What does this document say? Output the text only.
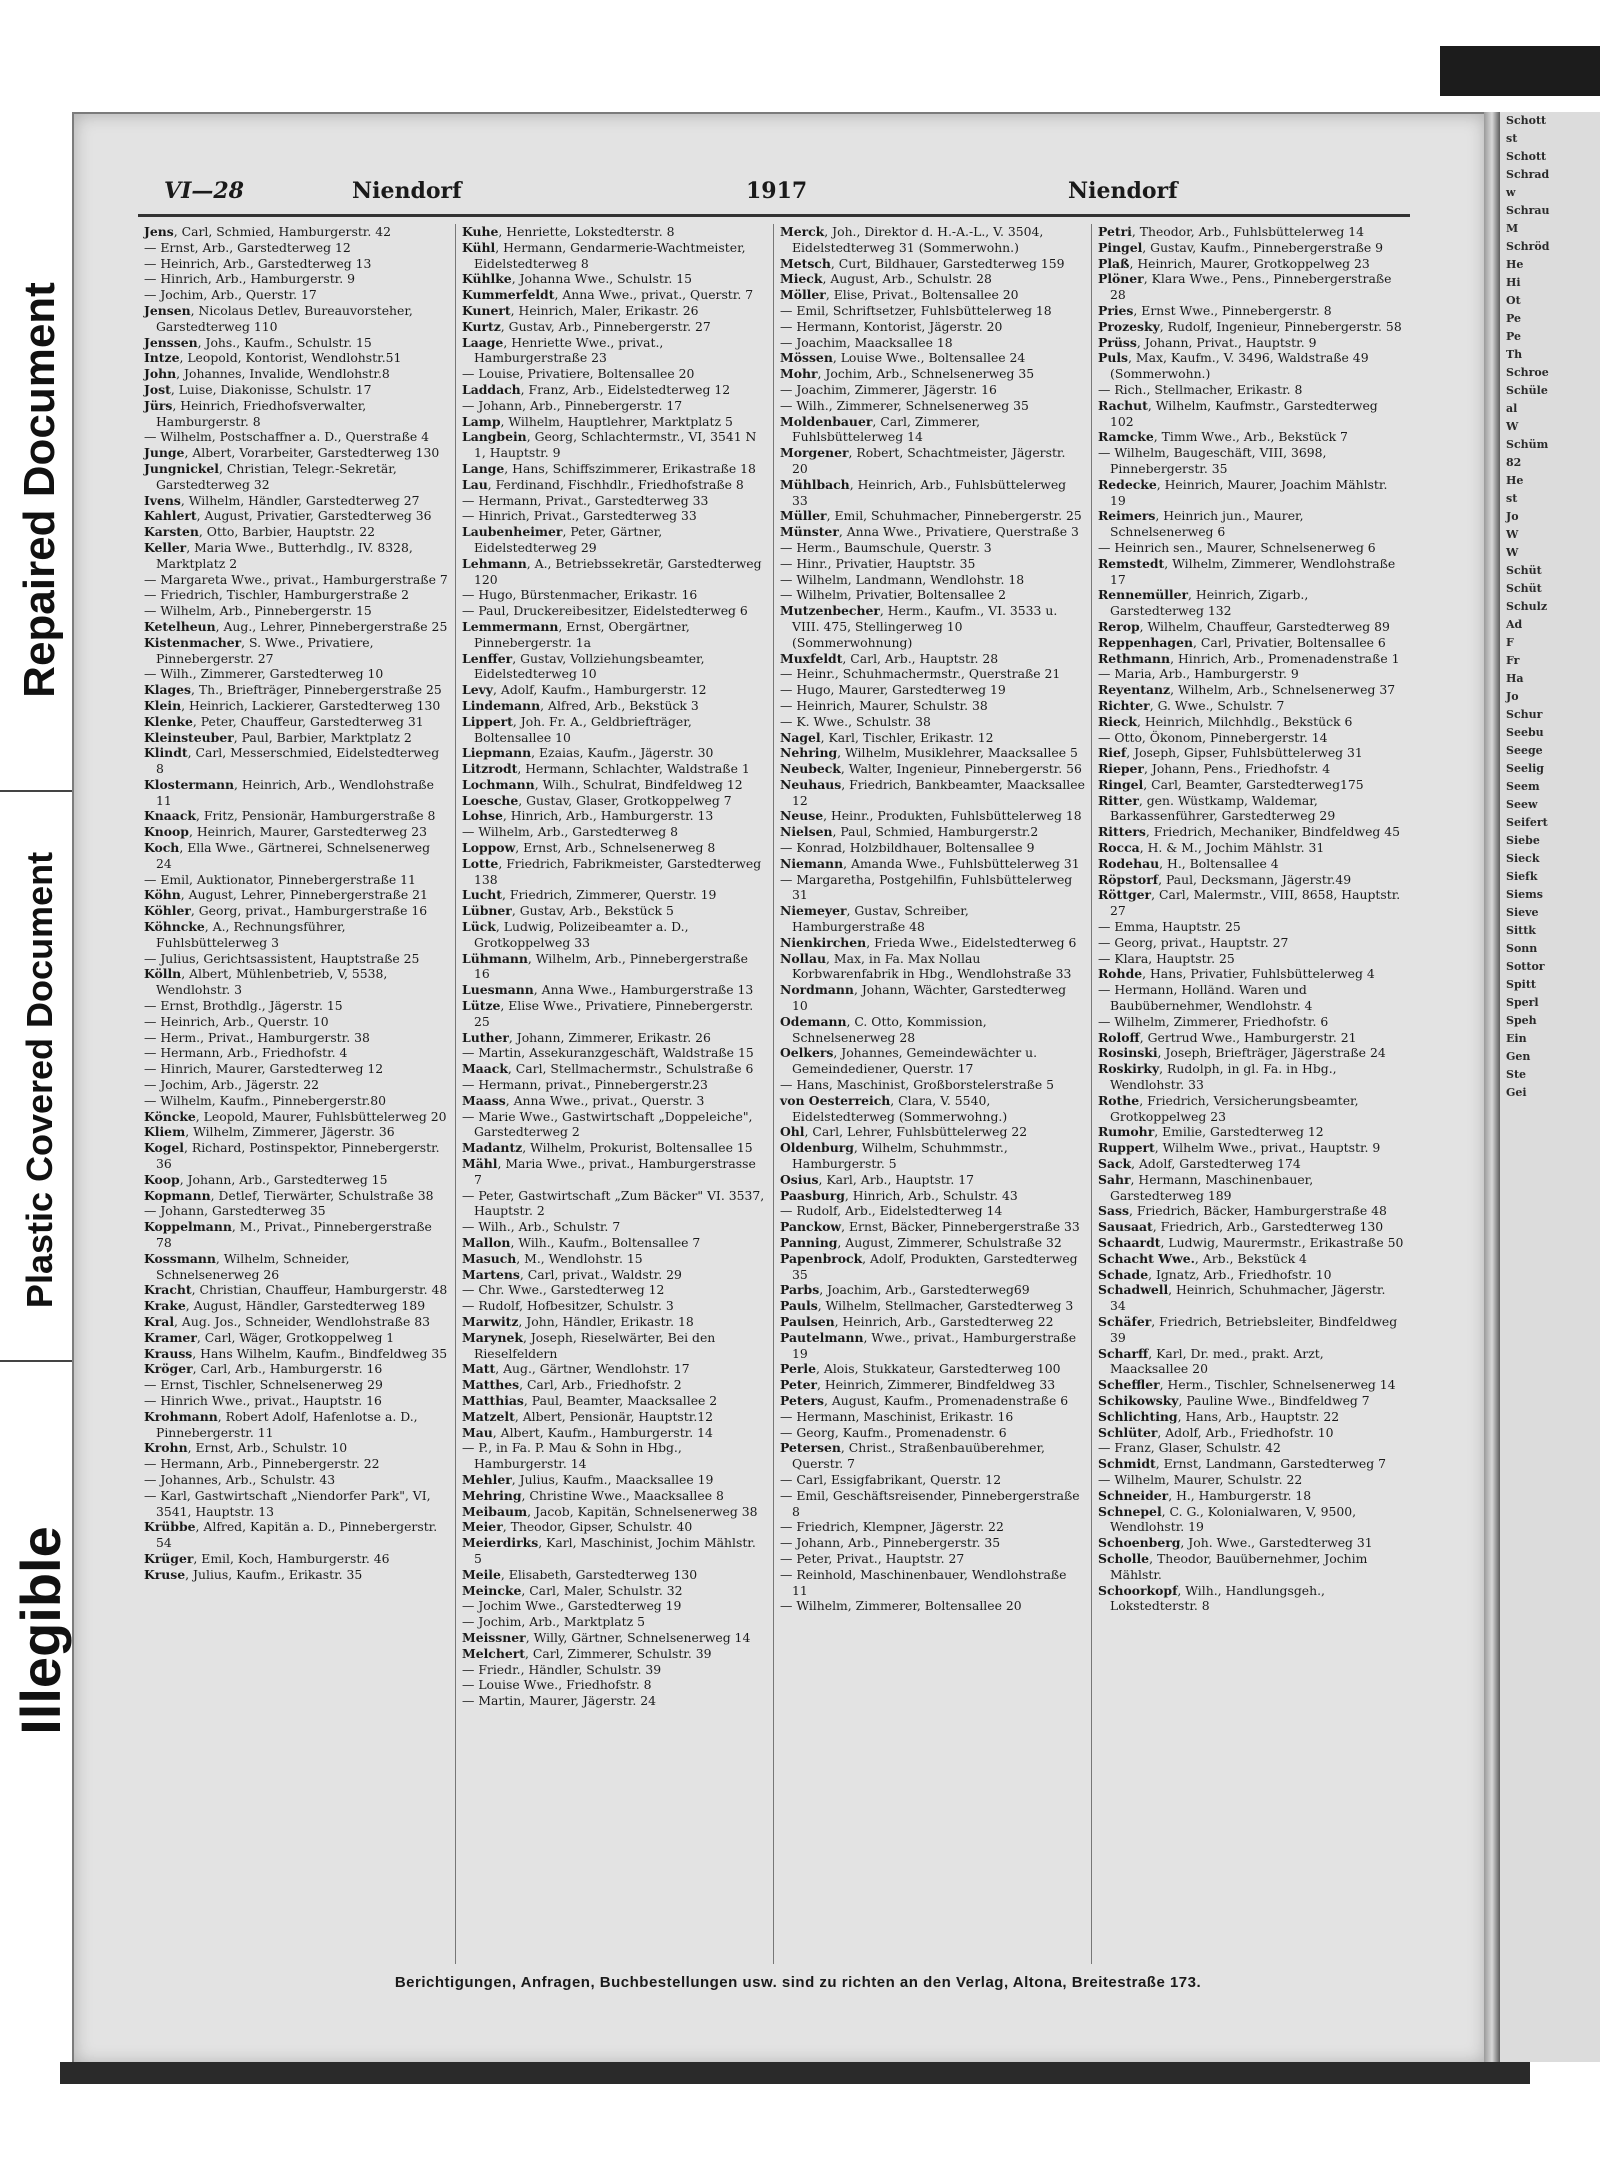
Repaired Document
Plastic Covered Document
Illegible
Schott
st
Schott
Schrad
w
Schrau
M
Schröd
He
Hi
Ot
Pe
Pe
Th
Schroe
Schüle
al
W
Schüm
82
He
st
Jo
W
W
Schüt
Schüt
Schulz
Ad
F
Fr
Ha
Jo
Schur
Seebu
Seege
Seelig
Seem
Seew
Seifert
Siebe
Sieck
Siefk
Siems
Sieve
Sittk
Sonn
Sottor
Spitt
Sperl
Speh
Ein
Gen
Ste
Gei
VI—28	Niendorf	1917	Niendorf
Jens, Carl, Schmied, Hamburgerstr. 42
— Ernst, Arb., Garstedterweg 12
— Heinrich, Arb., Garstedterweg 13
— Hinrich, Arb., Hamburgerstr. 9
— Jochim, Arb., Querstr. 17
Jensen, Nicolaus Detlev, Bureauvorsteher, Garstedterweg 110
Jenssen, Johs., Kaufm., Schulstr. 15
Intze, Leopold, Kontorist, Wendlohstr.51
John, Johannes, Invalide, Wendlohstr.8
Jost, Luise, Diakonisse, Schulstr. 17
Jürs, Heinrich, Friedhofsverwalter, Hamburgerstr. 8
— Wilhelm, Postschaffner a. D., Querstraße 4
Junge, Albert, Vorarbeiter, Garstedterweg 130
Jungnickel, Christian, Telegr.-Sekretär, Garstedterweg 32
Ivens, Wilhelm, Händler, Garstedterweg 27
Kahlert, August, Privatier, Garstedterweg 36
Karsten, Otto, Barbier, Hauptstr. 22
Keller, Maria Wwe., Butterhdlg., IV. 8328, Marktplatz 2
— Margareta Wwe., privat., Hamburgerstraße 7
— Friedrich, Tischler, Hamburgerstraße 2
— Wilhelm, Arb., Pinnebergerstr. 15
Ketelheun, Aug., Lehrer, Pinnebergerstraße 25
Kistenmacher, S. Wwe., Privatiere, Pinnebergerstr. 27
— Wilh., Zimmerer, Garstedterweg 10
Klages, Th., Briefträger, Pinnebergerstraße 25
Klein, Heinrich, Lackierer, Garstedterweg 130
Klenke, Peter, Chauffeur, Garstedterweg 31
Kleinsteuber, Paul, Barbier, Marktplatz 2
Klindt, Carl, Messerschmied, Eidelstedterweg 8
Klostermann, Heinrich, Arb., Wendlohstraße 11
Knaack, Fritz, Pensionär, Hamburgerstraße 8
Knoop, Heinrich, Maurer, Garstedterweg 23
Koch, Ella Wwe., Gärtnerei, Schnelsenerweg 24
— Emil, Auktionator, Pinnebergerstraße 11
Köhn, August, Lehrer, Pinnebergerstraße 21
Köhler, Georg, privat., Hamburgerstraße 16
Köhncke, A., Rechnungsführer, Fuhlsbüttelerweg 3
— Julius, Gerichtsassistent, Hauptstraße 25
Kölln, Albert, Mühlenbetrieb, V, 5538, Wendlohstr. 3
— Ernst, Brothdlg., Jägerstr. 15
— Heinrich, Arb., Querstr. 10
— Herm., Privat., Hamburgerstr. 38
— Hermann, Arb., Friedhofstr. 4
— Hinrich, Maurer, Garstedterweg 12
— Jochim, Arb., Jägerstr. 22
— Wilhelm, Kaufm., Pinnebergerstr.80
Köncke, Leopold, Maurer, Fuhlsbüttelerweg 20
Kliem, Wilhelm, Zimmerer, Jägerstr. 36
Kogel, Richard, Postinspektor, Pinnebergerstr. 36
Koop, Johann, Arb., Garstedterweg 15
Kopmann, Detlef, Tierwärter, Schulstraße 38
— Johann, Garstedterweg 35
Koppelmann, M., Privat., Pinnebergerstraße 78
Kossmann, Wilhelm, Schneider, Schnelsenerweg 26
Kracht, Christian, Chauffeur, Hamburgerstr. 48
Krake, August, Händler, Garstedterweg 189
Kral, Aug. Jos., Schneider, Wendlohstraße 83
Kramer, Carl, Wäger, Grotkoppelweg 1
Krauss, Hans Wilhelm, Kaufm., Bindfeldweg 35
Kröger, Carl, Arb., Hamburgerstr. 16
— Ernst, Tischler, Schnelsenerweg 29
— Hinrich Wwe., privat., Hauptstr. 16
Krohmann, Robert Adolf, Hafenlotse a. D., Pinnebergerstr. 11
Krohn, Ernst, Arb., Schulstr. 10
— Hermann, Arb., Pinnebergerstr. 22
— Johannes, Arb., Schulstr. 43
— Karl, Gastwirtschaft „Niendorfer Park", VI, 3541, Hauptstr. 13
Krübbe, Alfred, Kapitän a. D., Pinnebergerstr. 54
Krüger, Emil, Koch, Hamburgerstr. 46
Kruse, Julius, Kaufm., Erikastr. 35
Kuhe, Henriette, Lokstedterstr. 8
Kühl, Hermann, Gendarmerie-Wachtmeister, Eidelstedterweg 8
Kühlke, Johanna Wwe., Schulstr. 15
Kummerfeldt, Anna Wwe., privat., Querstr. 7
Kunert, Heinrich, Maler, Erikastr. 26
Kurtz, Gustav, Arb., Pinnebergerstr. 27
Laage, Henriette Wwe., privat., Hamburgerstraße 23
— Louise, Privatiere, Boltensallee 20
Laddach, Franz, Arb., Eidelstedterweg 12
— Johann, Arb., Pinnebergerstr. 17
Lamp, Wilhelm, Hauptlehrer, Marktplatz 5
Langbein, Georg, Schlachtermstr., VI, 3541 N 1, Hauptstr. 9
Lange, Hans, Schiffszimmerer, Erikastraße 18
Lau, Ferdinand, Fischhdlr., Friedhofstraße 8
— Hermann, Privat., Garstedterweg 33
— Hinrich, Privat., Garstedterweg 33
Laubenheimer, Peter, Gärtner, Eidelstedterweg 29
Lehmann, A., Betriebssekretär, Garstedterweg 120
— Hugo, Bürstenmacher, Erikastr. 16
— Paul, Druckereibesitzer, Eidelstedterweg 6
Lemmermann, Ernst, Obergärtner, Pinnebergerstr. 1a
Lenffer, Gustav, Vollziehungsbeamter, Eidelstedterweg 10
Levy, Adolf, Kaufm., Hamburgerstr. 12
Lindemann, Alfred, Arb., Bekstück 3
Lippert, Joh. Fr. A., Geldbriefträger, Boltensallee 10
Liepmann, Ezaias, Kaufm., Jägerstr. 30
Litzrodt, Hermann, Schlachter, Waldstraße 1
Lochmann, Wilh., Schulrat, Bindfeldweg 12
Loesche, Gustav, Glaser, Grotkoppelweg 7
Lohse, Hinrich, Arb., Hamburgerstr. 13
— Wilhelm, Arb., Garstedterweg 8
Loppow, Ernst, Arb., Schnelsenerweg 8
Lotte, Friedrich, Fabrikmeister, Garstedterweg 138
Lucht, Friedrich, Zimmerer, Querstr. 19
Lübner, Gustav, Arb., Bekstück 5
Lück, Ludwig, Polizeibeamter a. D., Grotkoppelweg 33
Lühmann, Wilhelm, Arb., Pinnebergerstraße 16
Luesmann, Anna Wwe., Hamburgerstraße 13
Lütze, Elise Wwe., Privatiere, Pinnebergerstr. 25
Luther, Johann, Zimmerer, Erikastr. 26
— Martin, Assekuranzgeschäft, Waldstraße 15
Maack, Carl, Stellmachermstr., Schulstraße 6
— Hermann, privat., Pinnebergerstr.23
Maass, Anna Wwe., privat., Querstr. 3
— Marie Wwe., Gastwirtschaft „Doppeleiche", Garstedterweg 2
Madantz, Wilhelm, Prokurist, Boltensallee 15
Mähl, Maria Wwe., privat., Hamburgerstrasse 7
— Peter, Gastwirtschaft „Zum Bäcker" VI. 3537, Hauptstr. 2
— Wilh., Arb., Schulstr. 7
Mallon, Wilh., Kaufm., Boltensallee 7
Masuch, M., Wendlohstr. 15
Martens, Carl, privat., Waldstr. 29
— Chr. Wwe., Garstedterweg 12
— Rudolf, Hofbesitzer, Schulstr. 3
Marwitz, John, Händler, Erikastr. 18
Marynek, Joseph, Rieselwärter, Bei den Rieselfeldern
Matt, Aug., Gärtner, Wendlohstr. 17
Matthes, Carl, Arb., Friedhofstr. 2
Matthias, Paul, Beamter, Maacksallee 2
Matzelt, Albert, Pensionär, Hauptstr.12
Mau, Albert, Kaufm., Hamburgerstr. 14
— P., in Fa. P. Mau & Sohn in Hbg., Hamburgerstr. 14
Mehler, Julius, Kaufm., Maacksallee 19
Mehring, Christine Wwe., Maacksallee 8
Meibaum, Jacob, Kapitän, Schnelsenerweg 38
Meier, Theodor, Gipser, Schulstr. 40
Meierdirks, Karl, Maschinist, Jochim Mählstr. 5
Meile, Elisabeth, Garstedterweg 130
Meincke, Carl, Maler, Schulstr. 32
— Jochim Wwe., Garstedterweg 19
— Jochim, Arb., Marktplatz 5
Meissner, Willy, Gärtner, Schnelsenerweg 14
Melchert, Carl, Zimmerer, Schulstr. 39
— Friedr., Händler, Schulstr. 39
— Louise Wwe., Friedhofstr. 8
— Martin, Maurer, Jägerstr. 24
Merck, Joh., Direktor d. H.-A.-L., V. 3504, Eidelstedterweg 31 (Sommerwohn.)
Metsch, Curt, Bildhauer, Garstedterweg 159
Mieck, August, Arb., Schulstr. 28
Möller, Elise, Privat., Boltensallee 20
— Emil, Schriftsetzer, Fuhlsbüttelerweg 18
— Hermann, Kontorist, Jägerstr. 20
— Joachim, Maacksallee 18
Mössen, Louise Wwe., Boltensallee 24
Mohr, Jochim, Arb., Schnelsenerweg 35
— Joachim, Zimmerer, Jägerstr. 16
— Wilh., Zimmerer, Schnelsenerweg 35
Moldenbauer, Carl, Zimmerer, Fuhlsbüttelerweg 14
Morgener, Robert, Schachtmeister, Jägerstr. 20
Mühlbach, Heinrich, Arb., Fuhlsbüttelerweg 33
Müller, Emil, Schuhmacher, Pinnebergerstr. 25
Münster, Anna Wwe., Privatiere, Querstraße 3
— Herm., Baumschule, Querstr. 3
— Hinr., Privatier, Hauptstr. 35
— Wilhelm, Landmann, Wendlohstr. 18
— Wilhelm, Privatier, Boltensallee 2
Mutzenbecher, Herm., Kaufm., VI. 3533 u. VIII. 475, Stellingerweg 10 (Sommerwohnung)
Muxfeldt, Carl, Arb., Hauptstr. 28
— Heinr., Schuhmachermstr., Querstraße 21
— Hugo, Maurer, Garstedterweg 19
— Heinrich, Maurer, Schulstr. 38
— K. Wwe., Schulstr. 38
Nagel, Karl, Tischler, Erikastr. 12
Nehring, Wilhelm, Musiklehrer, Maacksallee 5
Neubeck, Walter, Ingenieur, Pinnebergerstr. 56
Neuhaus, Friedrich, Bankbeamter, Maacksallee 12
Neuse, Heinr., Produkten, Fuhlsbüttelerweg 18
Nielsen, Paul, Schmied, Hamburgerstr.2
— Konrad, Holzbildhauer, Boltensallee 9
Niemann, Amanda Wwe., Fuhlsbüttelerweg 31
— Margaretha, Postgehilfin, Fuhlsbüttelerweg 31
Niemeyer, Gustav, Schreiber, Hamburgerstraße 48
Nienkirchen, Frieda Wwe., Eidelstedterweg 6
Nollau, Max, in Fa. Max Nollau Korbwarenfabrik in Hbg., Wendlohstraße 33
Nordmann, Johann, Wächter, Garstedterweg 10
Odemann, C. Otto, Kommission, Schnelsenerweg 28
Oelkers, Johannes, Gemeindewächter u. Gemeindediener, Querstr. 17
— Hans, Maschinist, Großborstelerstraße 5
von Oesterreich, Clara, V. 5540, Eidelstedterweg (Sommerwohng.)
Ohl, Carl, Lehrer, Fuhlsbüttelerweg 22
Oldenburg, Wilhelm, Schuhmmstr., Hamburgerstr. 5
Osius, Karl, Arb., Hauptstr. 17
Paasburg, Hinrich, Arb., Schulstr. 43
— Rudolf, Arb., Eidelstedterweg 14
Panckow, Ernst, Bäcker, Pinnebergerstraße 33
Panning, August, Zimmerer, Schulstraße 32
Papenbrock, Adolf, Produkten, Garstedterweg 35
Parbs, Joachim, Arb., Garstedterweg69
Pauls, Wilhelm, Stellmacher, Garstedterweg 3
Paulsen, Heinrich, Arb., Garstedterweg 22
Pautelmann, Wwe., privat., Hamburgerstraße 19
Perle, Alois, Stukkateur, Garstedterweg 100
Peter, Heinrich, Zimmerer, Bindfeldweg 33
Peters, August, Kaufm., Promenadenstraße 6
— Hermann, Maschinist, Erikastr. 16
— Georg, Kaufm., Promenadenstr. 6
Petersen, Christ., Straßenbauüberehmer, Querstr. 7
— Carl, Essigfabrikant, Querstr. 12
— Emil, Geschäftsreisender, Pinnebergerstraße 8
— Friedrich, Klempner, Jägerstr. 22
— Johann, Arb., Pinnebergerstr. 35
— Peter, Privat., Hauptstr. 27
— Reinhold, Maschinenbauer, Wendlohstraße 11
— Wilhelm, Zimmerer, Boltensallee 20
Petri, Theodor, Arb., Fuhlsbüttelerweg 14
Pingel, Gustav, Kaufm., Pinnebergerstraße 9
Plaß, Heinrich, Maurer, Grotkoppelweg 23
Plöner, Klara Wwe., Pens., Pinnebergerstraße 28
Pries, Ernst Wwe., Pinnebergerstr. 8
Prozesky, Rudolf, Ingenieur, Pinnebergerstr. 58
Prüss, Johann, Privat., Hauptstr. 9
Puls, Max, Kaufm., V. 3496, Waldstraße 49 (Sommerwohn.)
— Rich., Stellmacher, Erikastr. 8
Rachut, Wilhelm, Kaufmstr., Garstedterweg 102
Ramcke, Timm Wwe., Arb., Bekstück 7
— Wilhelm, Baugeschäft, VIII, 3698, Pinnebergerstr. 35
Redecke, Heinrich, Maurer, Joachim Mählstr. 19
Reimers, Heinrich jun., Maurer, Schnelsenerweg 6
— Heinrich sen., Maurer, Schnelsenerweg 6
Remstedt, Wilhelm, Zimmerer, Wendlohstraße 17
Rennemüller, Heinrich, Zigarb., Garstedterweg 132
Rerop, Wilhelm, Chauffeur, Garstedterweg 89
Reppenhagen, Carl, Privatier, Boltensallee 6
Rethmann, Hinrich, Arb., Promenadenstraße 1
— Maria, Arb., Hamburgerstr. 9
Reyentanz, Wilhelm, Arb., Schnelsenerweg 37
Richter, G. Wwe., Schulstr. 7
Rieck, Heinrich, Milchhdlg., Bekstück 6
— Otto, Ökonom, Pinnebergerstr. 14
Rief, Joseph, Gipser, Fuhlsbüttelerweg 31
Rieper, Johann, Pens., Friedhofstr. 4
Ringel, Carl, Beamter, Garstedterweg175
Ritter, gen. Wüstkamp, Waldemar, Barkassenführer, Garstedterweg 29
Ritters, Friedrich, Mechaniker, Bindfeldweg 45
Rocca, H. & M., Jochim Mählstr. 31
Rodehau, H., Boltensallee 4
Röpstorf, Paul, Decksmann, Jägerstr.49
Röttger, Carl, Malermstr., VIII, 8658, Hauptstr. 27
— Emma, Hauptstr. 25
— Georg, privat., Hauptstr. 27
— Klara, Hauptstr. 25
Rohde, Hans, Privatier, Fuhlsbüttelerweg 4
— Hermann, Holländ. Waren und Baubübernehmer, Wendlohstr. 4
— Wilhelm, Zimmerer, Friedhofstr. 6
Roloff, Gertrud Wwe., Hamburgerstr. 21
Rosinski, Joseph, Briefträger, Jägerstraße 24
Roskirky, Rudolph, in gl. Fa. in Hbg., Wendlohstr. 33
Rothe, Friedrich, Versicherungsbeamter, Grotkoppelweg 23
Rumohr, Emilie, Garstedterweg 12
Ruppert, Wilhelm Wwe., privat., Hauptstr. 9
Sack, Adolf, Garstedterweg 174
Sahr, Hermann, Maschinenbauer, Garstedterweg 189
Sass, Friedrich, Bäcker, Hamburgerstraße 48
Sausaat, Friedrich, Arb., Garstedterweg 130
Schaardt, Ludwig, Maurermstr., Erikastraße 50
Schacht Wwe., Arb., Bekstück 4
Schade, Ignatz, Arb., Friedhofstr. 10
Schadwell, Heinrich, Schuhmacher, Jägerstr. 34
Schäfer, Friedrich, Betriebsleiter, Bindfeldweg 39
Scharff, Karl, Dr. med., prakt. Arzt, Maacksallee 20
Scheffler, Herm., Tischler, Schnelsenerweg 14
Schikowsky, Pauline Wwe., Bindfeldweg 7
Schlichting, Hans, Arb., Hauptstr. 22
Schlüter, Adolf, Arb., Friedhofstr. 10
— Franz, Glaser, Schulstr. 42
Schmidt, Ernst, Landmann, Garstedterweg 7
— Wilhelm, Maurer, Schulstr. 22
Schneider, H., Hamburgerstr. 18
Schnepel, C. G., Kolonialwaren, V, 9500, Wendlohstr. 19
Schoenberg, Joh. Wwe., Garstedterweg 31
Scholle, Theodor, Bauübernehmer, Jochim Mählstr.
Schoorkopf, Wilh., Handlungsgeh., Lokstedterstr. 8
Berichtigungen, Anfragen, Buchbestellungen usw. sind zu richten an den Verlag, Altona, Breitestraße 173.
